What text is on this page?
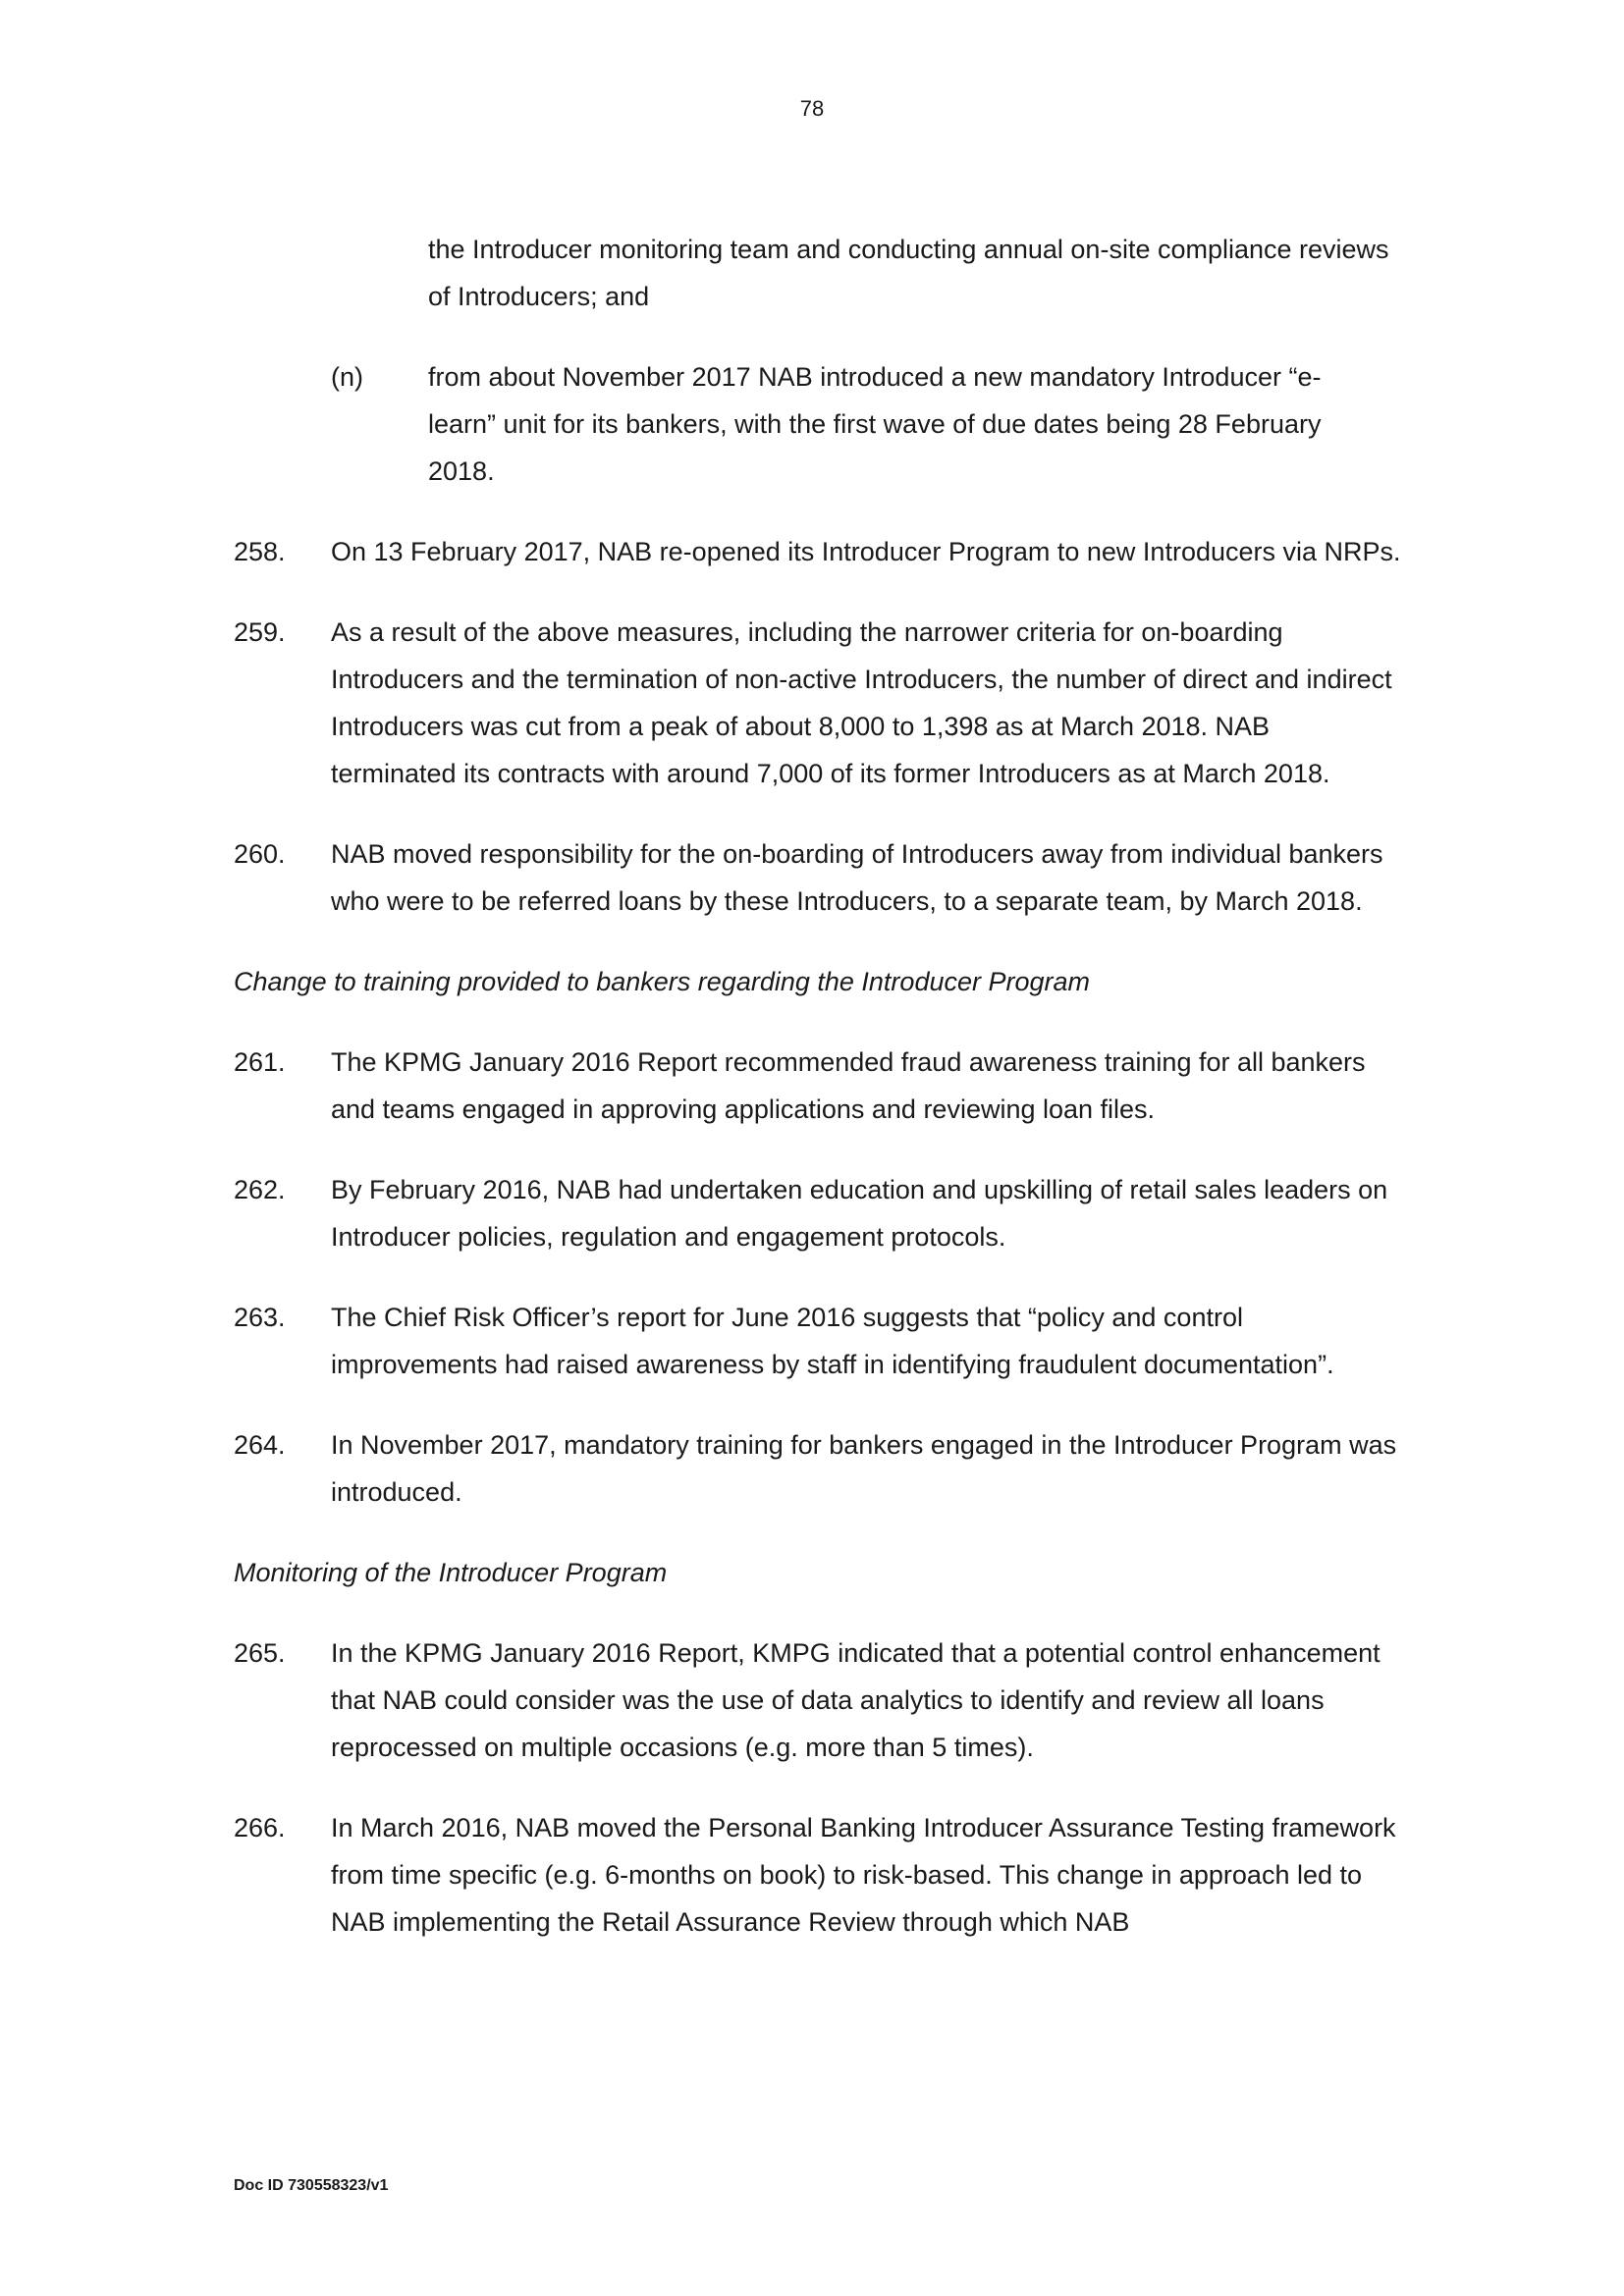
78
the Introducer monitoring team and conducting annual on-site compliance reviews of Introducers; and
(n)	from about November 2017 NAB introduced a new mandatory Introducer “e-learn” unit for its bankers, with the first wave of due dates being 28 February 2018.
258.	On 13 February 2017, NAB re-opened its Introducer Program to new Introducers via NRPs.
259.	As a result of the above measures, including the narrower criteria for on-boarding Introducers and the termination of non-active Introducers, the number of direct and indirect Introducers was cut from a peak of about 8,000 to 1,398 as at March 2018. NAB terminated its contracts with around 7,000 of its former Introducers as at March 2018.
260.	NAB moved responsibility for the on-boarding of Introducers away from individual bankers who were to be referred loans by these Introducers, to a separate team, by March 2018.
Change to training provided to bankers regarding the Introducer Program
261.	The KPMG January 2016 Report recommended fraud awareness training for all bankers and teams engaged in approving applications and reviewing loan files.
262.	By February 2016, NAB had undertaken education and upskilling of retail sales leaders on Introducer policies, regulation and engagement protocols.
263.	The Chief Risk Officer’s report for June 2016 suggests that “policy and control improvements had raised awareness by staff in identifying fraudulent documentation”.
264.	In November 2017, mandatory training for bankers engaged in the Introducer Program was introduced.
Monitoring of the Introducer Program
265.	In the KPMG January 2016 Report, KMPG indicated that a potential control enhancement that NAB could consider was the use of data analytics to identify and review all loans reprocessed on multiple occasions (e.g. more than 5 times).
266.	In March 2016, NAB moved the Personal Banking Introducer Assurance Testing framework from time specific (e.g. 6-months on book) to risk-based. This change in approach led to NAB implementing the Retail Assurance Review through which NAB
Doc ID 730558323/v1
